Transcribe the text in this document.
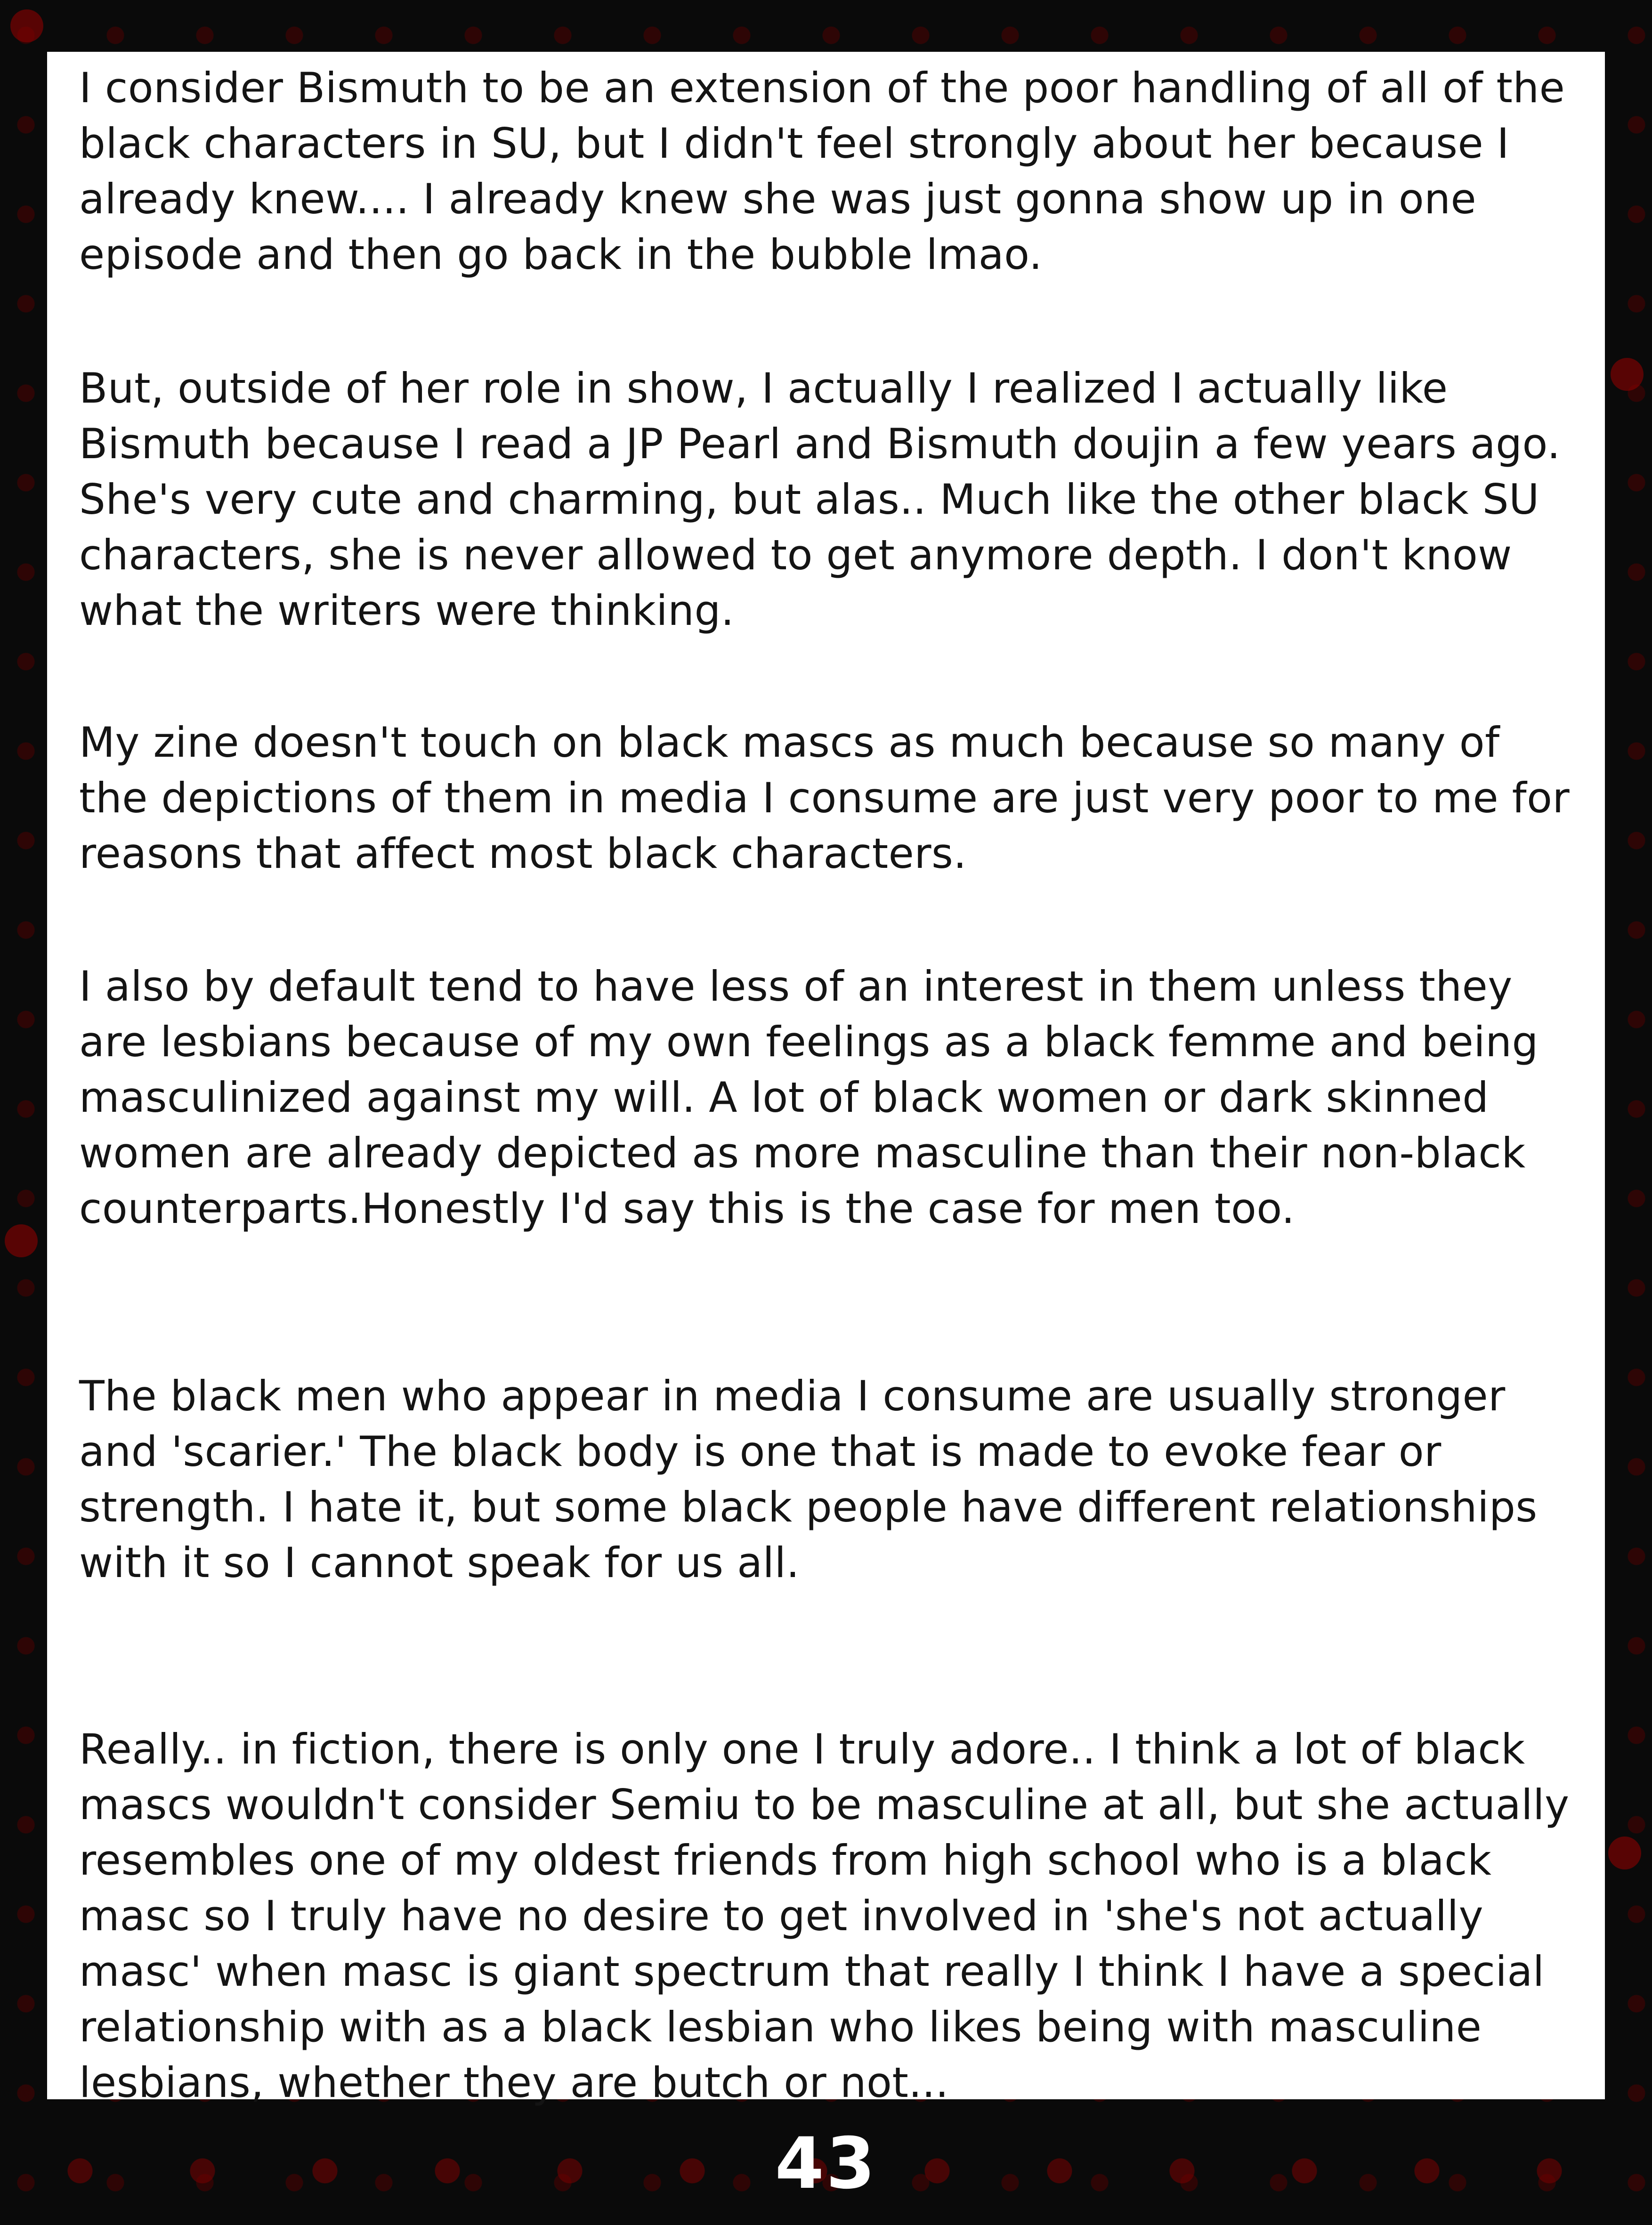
I consider Bismuth to be an extension of the poor handling of all of the black characters in SU, but I didn't feel strongly about her because I already knew.... I already knew she was just gonna show up in one episode and then go back in the bubble lmao.

But, outside of her role in show, I actually I realized I actually like Bismuth because I read a JP Pearl and Bismuth doujin a few years ago. She's very cute and charming, but alas.. Much like the other black SU characters, she is never allowed to get anymore depth. I don't know what the writers were thinking.

My zine doesn't touch on black mascs as much because so many of the depictions of them in media I consume are just very poor to me for reasons that affect most black characters.

I also by default tend to have less of an interest in them unless they are lesbians because of my own feelings as a black femme and being masculinized against my will. A lot of black women or dark skinned women are already depicted as more masculine than their non-black counterparts.Honestly I'd say this is the case for men too.

The black men who appear in media I consume are usually stronger and 'scarier.' The black body is one that is made to evoke fear or strength. I hate it, but some black people have different relationships with it so I cannot speak for us all.

Really.. in fiction, there is only one I truly adore.. I think a lot of black mascs wouldn't consider Semiu to be masculine at all, but she actually resembles one of my oldest friends from high school who is a black masc so I truly have no desire to get involved in 'she's not actually masc' when masc is giant spectrum that really I think I have a special relationship with as a black lesbian who likes being with masculine lesbians, whether they are butch or not...

43
